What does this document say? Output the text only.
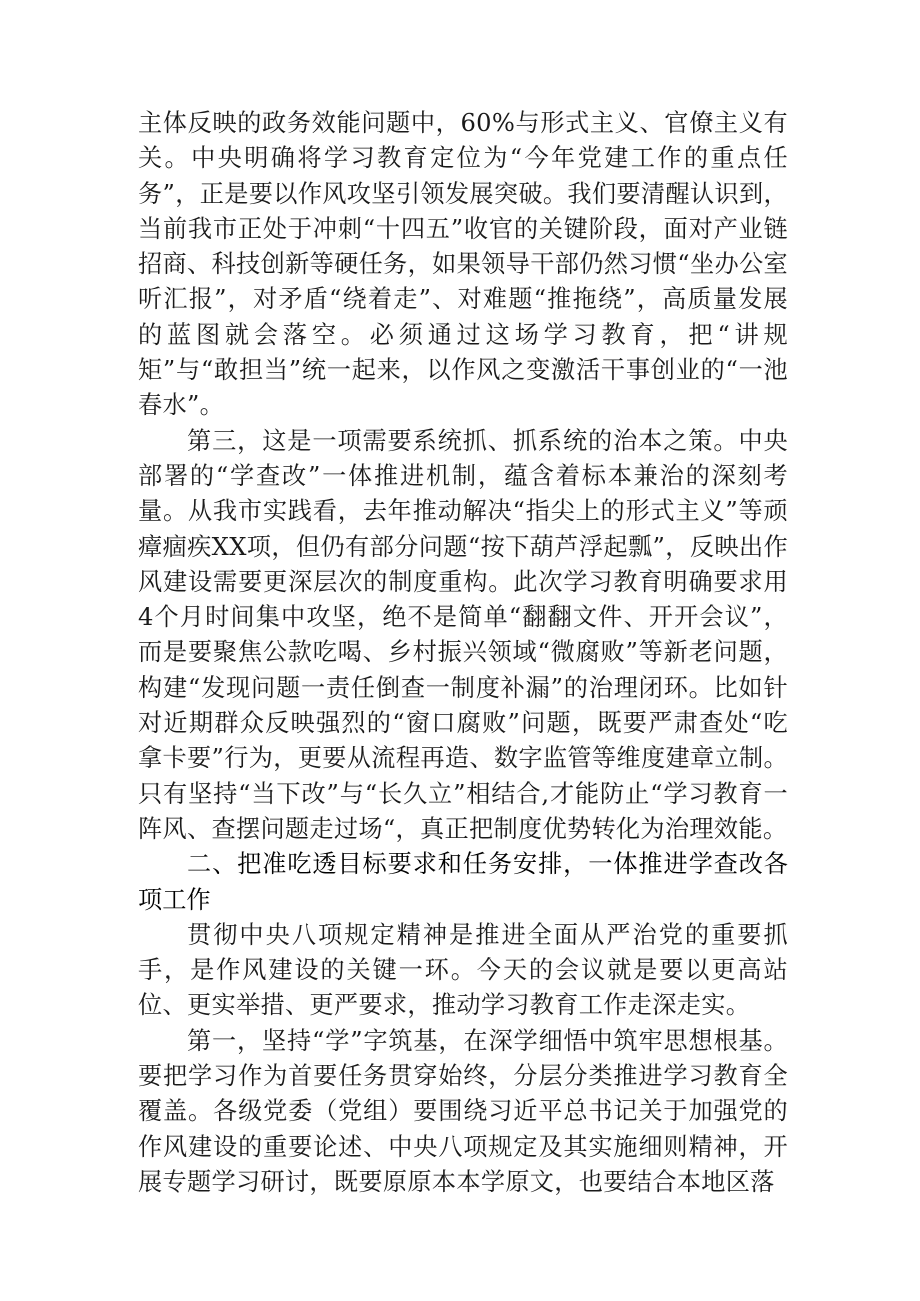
主体反映的政务效能问题中，60%与形式主义、官僚主义有关。中央明确将学习教育定位为“今年党建工作的重点任务”，正是要以作风攻坚引领发展突破。我们要清醒认识到，当前我市正处于冲刺“十四五”收官的关键阶段，面对产业链招商、科技创新等硬任务，如果领导干部仍然习惯“坐办公室听汇报”，对矛盾“绕着走”、对难题“推拖绕”，高质量发展的蓝图就会落空。必须通过这场学习教育，把“讲规矩”与“敢担当”统一起来，以作风之变激活干事创业的“一池春水”。

第三，这是一项需要系统抓、抓系统的治本之策。中央部署的“学查改”一体推进机制，蕴含着标本兼治的深刻考量。从我市实践看，去年推动解决“指尖上的形式主义”等顽瘴痼疾XX项，但仍有部分问题“按下葫芦浮起瓢”，反映出作风建设需要更深层次的制度重构。此次学习教育明确要求用4个月时间集中攻坚，绝不是简单“翻翻文件、开开会议”，而是要聚焦公款吃喝、乡村振兴领域“微腐败”等新老问题，构建“发现问题一责任倒查一制度补漏”的治理闭环。比如针对近期群众反映强烈的“窗口腐败”问题，既要严肃查处“吃拿卡要”行为，更要从流程再造、数字监管等维度建章立制。只有坚持“当下改”与“长久立”相结合,才能防止“学习教育一阵风、查摆问题走过场“，真正把制度优势转化为治理效能。

二、把准吃透目标要求和任务安排，一体推进学查改各项工作

贯彻中央八项规定精神是推进全面从严治党的重要抓手，是作风建设的关键一环。今天的会议就是要以更高站位、更实举措、更严要求，推动学习教育工作走深走实。

第一，坚持“学”字筑基，在深学细悟中筑牢思想根基。要把学习作为首要任务贯穿始终，分层分类推进学习教育全覆盖。各级党委（党组）要围绕习近平总书记关于加强党的作风建设的重要论述、中央八项规定及其实施细则精神，开展专题学习研讨，既要原原本本学原文，也要结合本地区落
